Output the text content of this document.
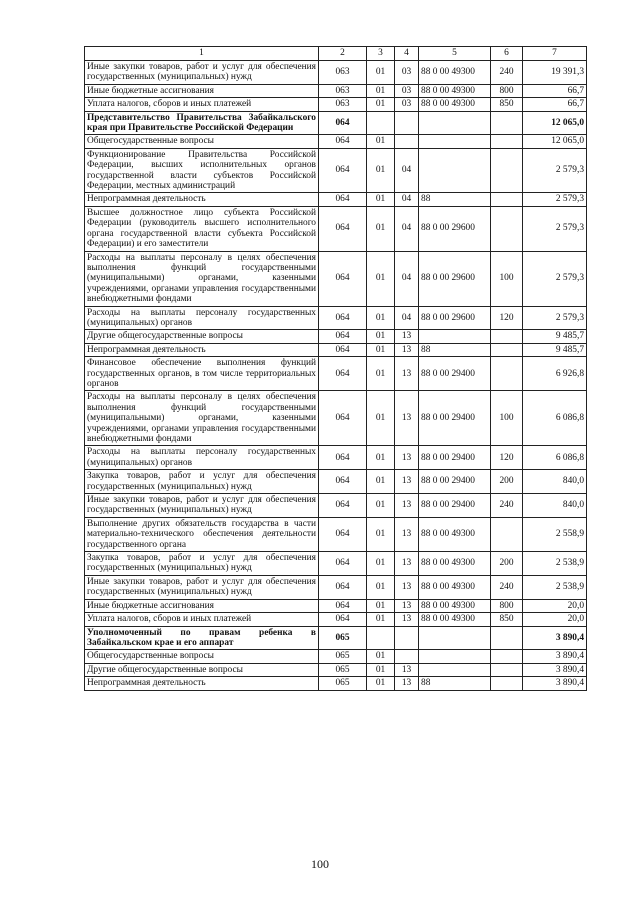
1	2	3	4	5	6	7

Иные закупки товаров, работ и услуг для обеспечения государственных (муниципальных) нужд	063	01	03	88 0 00 49300	240	19 391,3

Иные бюджетные ассигнования	063	01	03	88 0 00 49300	800	66,7

Уплата налогов, сборов и иных платежей	063	01	03	88 0 00 49300	850	66,7

Представительство Правительства Забайкальского края при Правительстве Российской Федерации	064					12 065,0

Общегосударственные вопросы	064	01				12 065,0

Функционирование Правительства Российской Федерации, высших исполнительных органов государственной власти субъектов Российской Федерации, местных администраций	064	01	04			2 579,3

Непрограммная деятельность	064	01	04	88		2 579,3

Высшее должностное лицо субъекта Российской Федерации (руководитель высшего исполнительного органа государственной власти субъекта Российской Федерации) и его заместители	064	01	04	88 0 00 29600		2 579,3

Расходы на выплаты персоналу в целях обеспечения выполнения функций государственными (муниципальными) органами, казенными учреждениями, органами управления государственными внебюджетными фондами	064	01	04	88 0 00 29600	100	2 579,3

Расходы на выплаты персоналу государственных (муниципальных) органов	064	01	04	88 0 00 29600	120	2 579,3

Другие общегосударственные вопросы	064	01	13			9 485,7

Непрограммная деятельность	064	01	13	88		9 485,7

Финансовое обеспечение выполнения функций государственных органов, в том числе территориальных органов	064	01	13	88 0 00 29400		6 926,8

Расходы на выплаты персоналу в целях обеспечения выполнения функций государственными (муниципальными) органами, казенными учреждениями, органами управления государственными внебюджетными фондами	064	01	13	88 0 00 29400	100	6 086,8

Расходы на выплаты персоналу государственных (муниципальных) органов	064	01	13	88 0 00 29400	120	6 086,8

Закупка товаров, работ и услуг для обеспечения государственных (муниципальных) нужд	064	01	13	88 0 00 29400	200	840,0

Иные закупки товаров, работ и услуг для обеспечения государственных (муниципальных) нужд	064	01	13	88 0 00 29400	240	840,0

Выполнение других обязательств государства в части материально-технического обеспечения деятельности государственного органа	064	01	13	88 0 00 49300		2 558,9

Закупка товаров, работ и услуг для обеспечения государственных (муниципальных) нужд	064	01	13	88 0 00 49300	200	2 538,9

Иные закупки товаров, работ и услуг для обеспечения государственных (муниципальных) нужд	064	01	13	88 0 00 49300	240	2 538,9

Иные бюджетные ассигнования	064	01	13	88 0 00 49300	800	20,0

Уплата налогов, сборов и иных платежей	064	01	13	88 0 00 49300	850	20,0

Уполномоченный по правам ребенка в Забайкальском крае и его аппарат	065					3 890,4

Общегосударственные вопросы	065	01				3 890,4

Другие общегосударственные вопросы	065	01	13			3 890,4

Непрограммная деятельность	065	01	13	88		3 890,4
100
